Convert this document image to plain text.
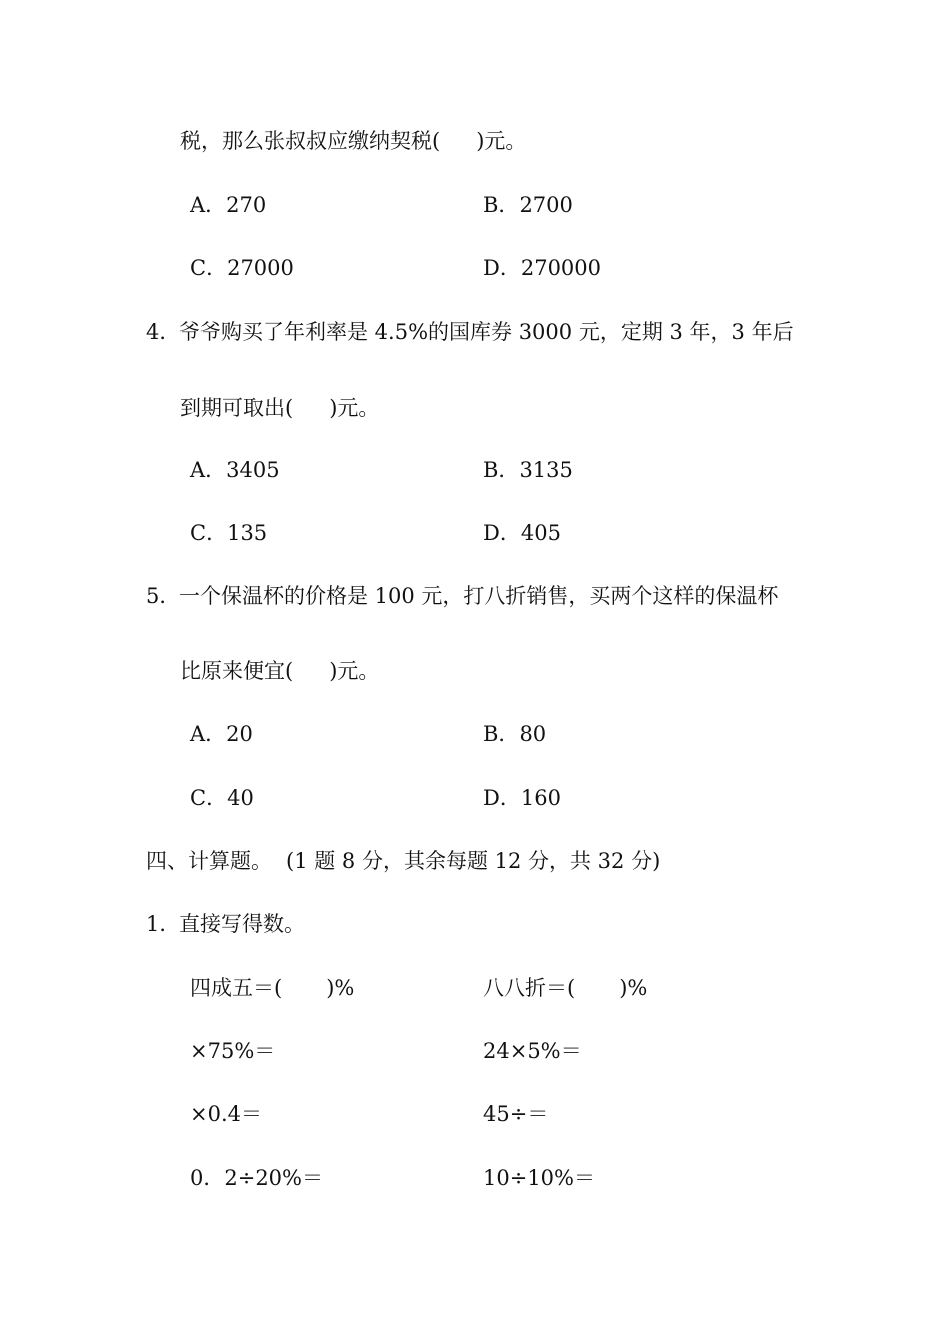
税，那么张叔叔应缴纳契税( )元。
A．270	B．2700
C．27000	D．270000
4．爷爷购买了年利率是 4.5%的国库券 3000 元，定期 3 年，3 年后
到期可取出( )元。
A．3405	B．3135
C．135	D．405
5．一个保温杯的价格是 100 元，打八折销售，买两个这样的保温杯
比原来便宜( )元。
A．20	B．80
C．40	D．160
四、计算题。 (1 题 8 分，其余每题 12 分，共 32 分)
1．直接写得数。
四成五＝( )%	八八折＝( )%
×75%＝	24×5%＝
×0.4＝	45÷＝
0．2÷20%＝	10÷10%＝
